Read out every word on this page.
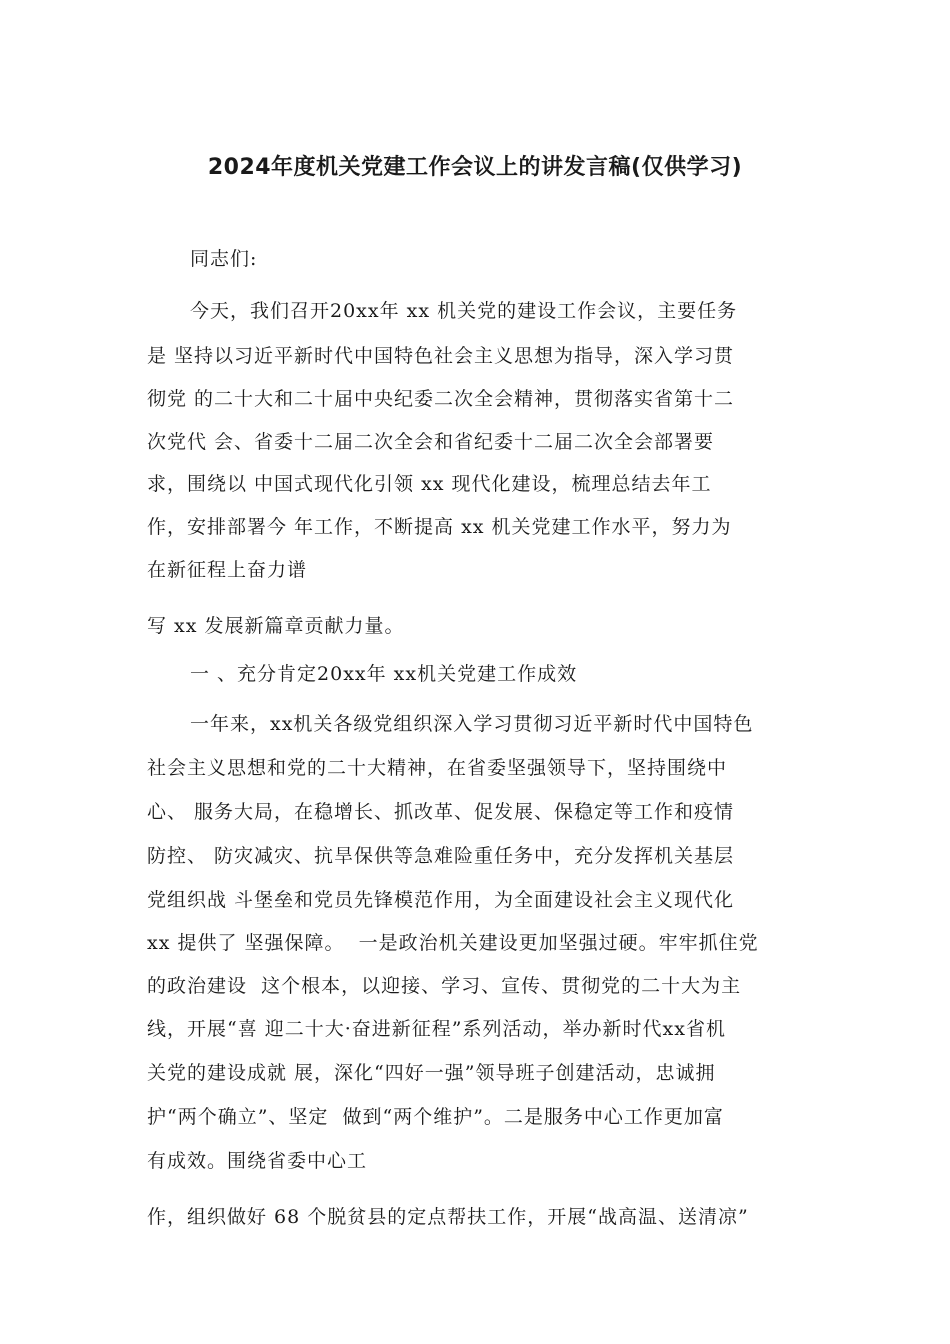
2024年度机关党建工作会议上的讲发言稿(仅供学习)
同志们:
今天，我们召开20xx年 xx 机关党的建设工作会议，主要任务
是 坚持以习近平新时代中国特色社会主义思想为指导，深入学习贯
彻党 的二十大和二十届中央纪委二次全会精神，贯彻落实省第十二
次党代 会、省委十二届二次全会和省纪委十二届二次全会部署要
求，围绕以 中国式现代化引领 xx 现代化建设，梳理总结去年工
作，安排部署今 年工作，不断提高 xx 机关党建工作水平，努力为
在新征程上奋力谱
写 xx 发展新篇章贡献力量。
一 、充分肯定20xx年 xx机关党建工作成效
一年来，xx机关各级党组织深入学习贯彻习近平新时代中国特色
社会主义思想和党的二十大精神，在省委坚强领导下，坚持围绕中
心、 服务大局，在稳增长、抓改革、促发展、保稳定等工作和疫情
防控、 防灾减灾、抗旱保供等急难险重任务中，充分发挥机关基层
党组织战 斗堡垒和党员先锋模范作用，为全面建设社会主义现代化
xx 提供了 坚强保障。  一是政治机关建设更加坚强过硬。牢牢抓住党
的政治建设  这个根本，以迎接、学习、宣传、贯彻党的二十大为主
线，开展“喜 迎二十大·奋进新征程”系列活动，举办新时代xx省机
关党的建设成就 展，深化“四好一强”领导班子创建活动，忠诚拥
护“两个确立”、坚定  做到“两个维护”。二是服务中心工作更加富
有成效。围绕省委中心工
作，组织做好 68 个脱贫县的定点帮扶工作，开展“战高温、送清凉”
